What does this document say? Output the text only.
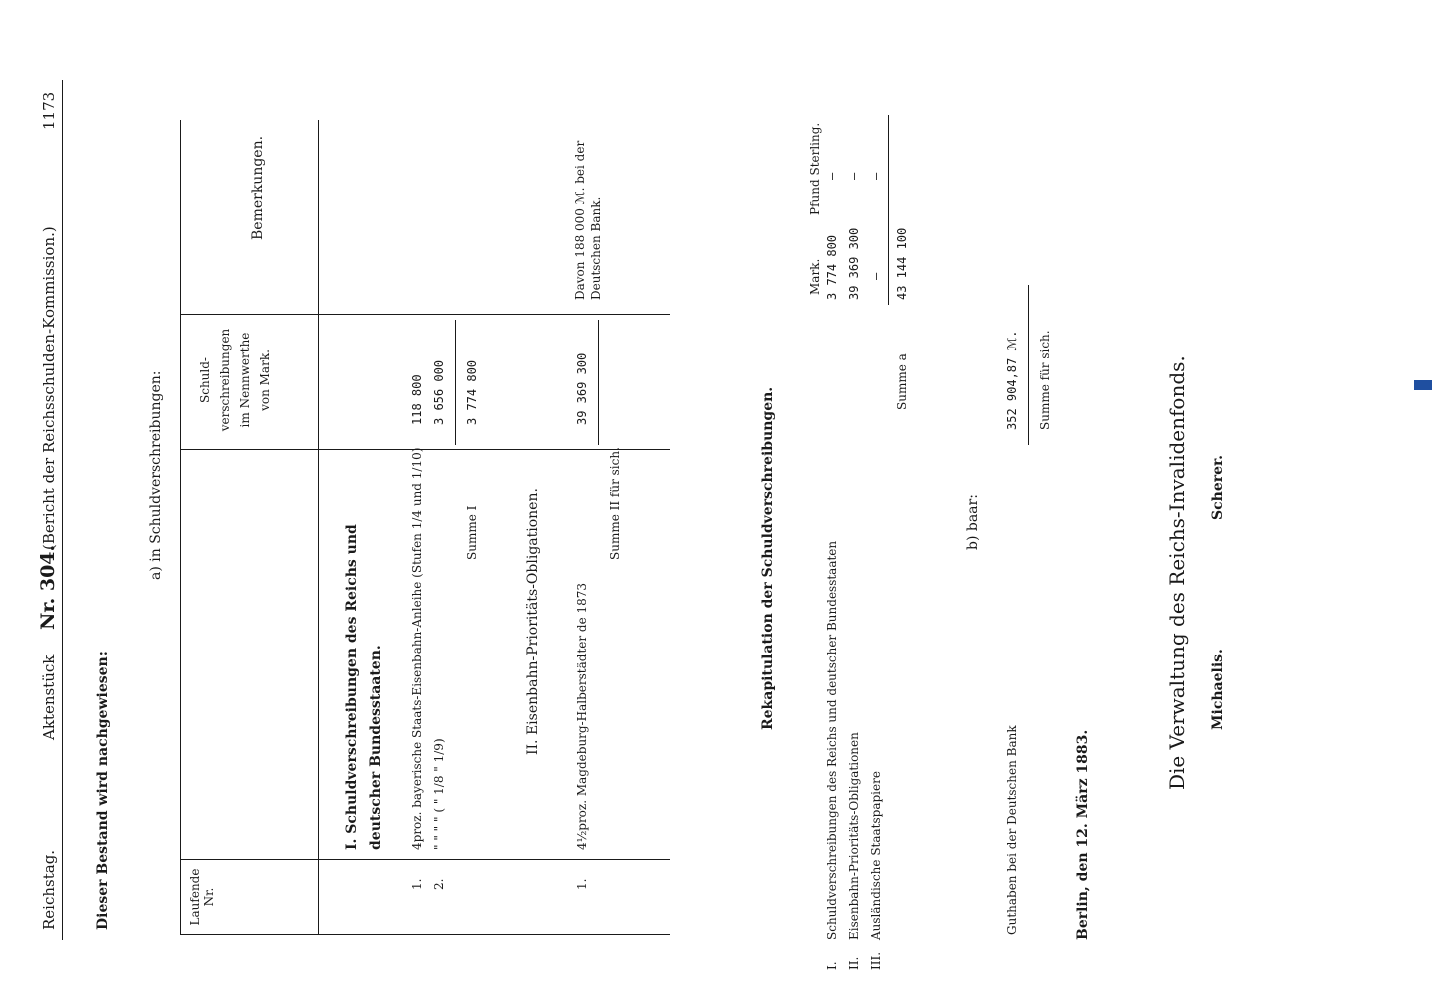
Reichstag.
Aktenstück
Nr. 304.
(Bericht der Reichsschulden-Kommission.)
1173
Dieser Bestand wird nachgewiesen:
a) in Schuldverschreibungen:
Laufende Nr.
Schuld-verschreibungen im Nennwerthe von Mark.
Bemerkungen.
I. Schuldverschreibungen des Reichs und deutscher Bundesstaaten.
1.
4proz. bayerische Staats-Eisenbahn-Anleihe (Stufen 1/4 und 1/10)
118 800
2.
" " " " ( " 1/8 " 1/9)
3 656 000
Summe I
3 774 800
II. Eisenbahn-Prioritäts-Obligationen.
1.
4½proz. Magdeburg-Halberstädter de 1873
39 369 300
Davon 188 000 ℳ. bei der Deutschen Bank.
Summe II für sich.	Rekapitulation der Schuldverschreibungen.
Mark.
Pfund Sterling.
I.
Schuldverschreibungen des Reichs und deutscher Bundesstaaten
3 774 800
—
II.
Eisenbahn-Prioritäts-Obligationen
39 369 300
—
III.
Ausländische Staatspapiere
—
—
Summe a
43 144 100
b) baar:
Guthaben bei der Deutschen Bank
352 904,87 ℳ. Summe für sich.
Berlin, den 12. März 1883.
Die Verwaltung des Reichs-Invalidenfonds. Michaelis.
Scherer.
